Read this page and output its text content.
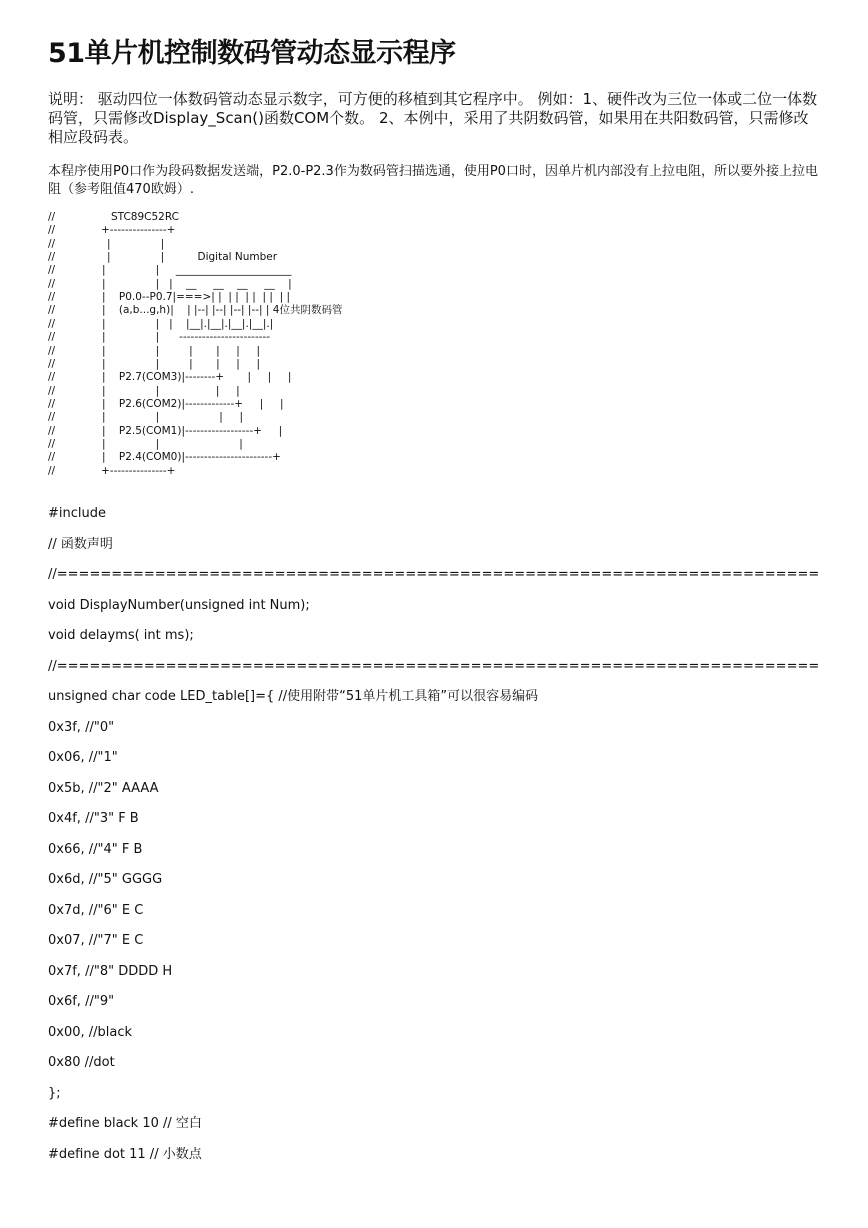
51单片机控制数码管动态显示程序

说明： 驱动四位一体数码管动态显示数字，可方便的移植到其它程序中。 例如：1、硬件改为三位一体或二位一体数码管，只需修改Display_Scan()函数COM个数。 2、本例中，采用了共阴数码管，如果用在共阳数码管，只需修改相应段码表。

本程序使用P0口作为段码数据发送端，P2.0-P2.3作为数码管扫描选通，使用P0口时，因单片机内部没有上拉电阻，所以要外接上拉电阻（参考阻值470欧姆）.

//	STC89C52RC
//	+---------------+
//	|               |
//	|               |          Digital Number
//	|               |     ______________________
//	|               |   |    __     __    __     __    |
//	|    P0.0--P0.7|===>| |  | |  | |  | |  | |
//	|    (a,b...g,h)|    | |--| |--| |--| |--| | 4位共阴数码管
//	|               |   |    |__|.|__|.|__|.|__|.|
//	|               |      ------------------------
//	|               |         |       |     |     |
//	|               |         |       |     |     |
//	|    P2.7(COM3)|--------+       |     |     |
//	|               |                 |     |
//	|    P2.6(COM2)|-------------+     |     |
//	|               |                  |     |
//	|    P2.5(COM1)|------------------+     |
//	|               |                        |
//	|    P2.4(COM0)|-----------------------+
//	+---------------+
#include
// 函数声明
//======================================================================
void DisplayNumber(unsigned int Num);
void delayms( int ms);
//======================================================================
unsigned char code LED_table[]={ //使用附带“51单片机工具箱”可以很容易编码
0x3f, //"0"
0x06, //"1"
0x5b, //"2" AAAA
0x4f, //"3" F B
0x66, //"4" F B
0x6d, //"5" GGGG
0x7d, //"6" E C
0x07, //"7" E C
0x7f, //"8" DDDD H
0x6f, //"9"
0x00, //black
0x80 //dot
};
#define black 10 // 空白
#define dot 11 // 小数点
